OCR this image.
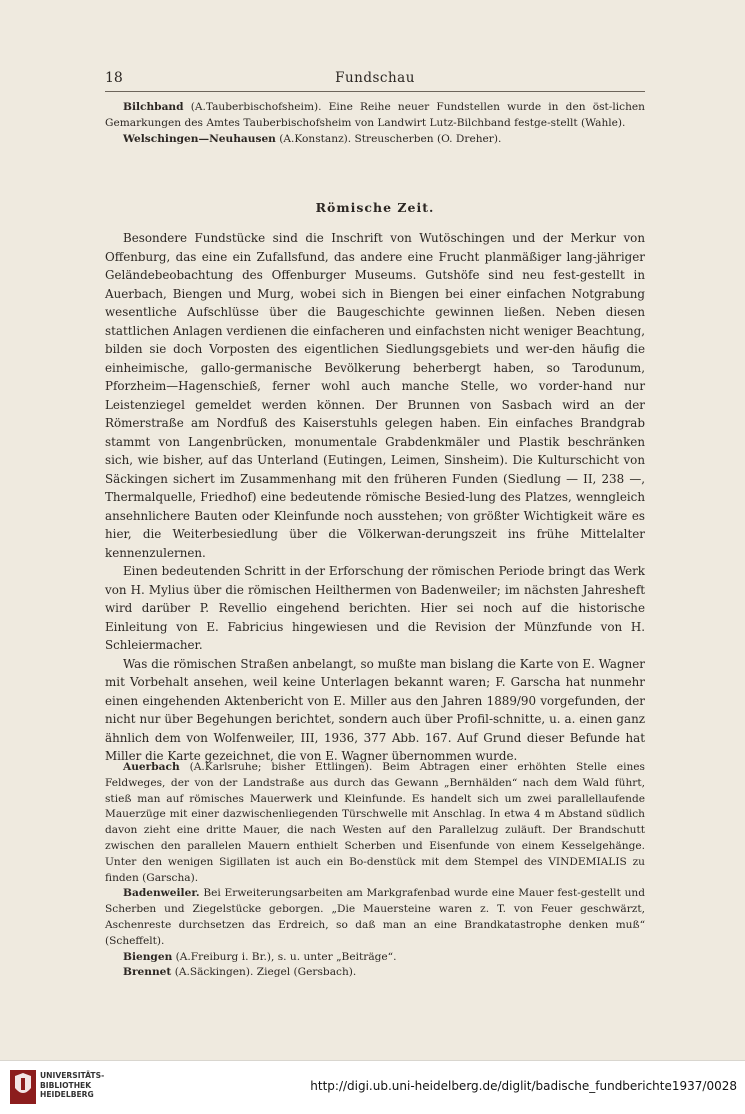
18	Fundschau

Bilchband (A.Tauberbischofsheim). Eine Reihe neuer Fundstellen wurde in den öst-lichen Gemarkungen des Amtes Tauberbischofsheim von Landwirt Lutz-Bilchband festge-stellt (Wahle).

Welschingen—Neuhausen (A.Konstanz). Streuscherben (O. Dreher).

Römische Zeit.

Besondere Fundstücke sind die Inschrift von Wutöschingen und der Merkur von Offenburg, das eine ein Zufallsfund, das andere eine Frucht planmäßiger lang-jähriger Geländebeobachtung des Offenburger Museums. Gutshöfe sind neu fest-gestellt in Auerbach, Biengen und Murg, wobei sich in Biengen bei einer einfachen Notgrabung wesentliche Aufschlüsse über die Baugeschichte gewinnen ließen. Neben diesen stattlichen Anlagen verdienen die einfacheren und einfachsten nicht weniger Beachtung, bilden sie doch Vorposten des eigentlichen Siedlungsgebiets und wer-den häufig die einheimische, gallo-germanische Bevölkerung beherbergt haben, so Tarodunum, Pforzheim—Hagenschieß, ferner wohl auch manche Stelle, wo vorder-hand nur Leistenziegel gemeldet werden können. Der Brunnen von Sasbach wird an der Römerstraße am Nordfuß des Kaiserstuhls gelegen haben. Ein einfaches Brandgrab stammt von Langenbrücken, monumentale Grabdenkmäler und Plastik beschränken sich, wie bisher, auf das Unterland (Eutingen, Leimen, Sinsheim). Die Kulturschicht von Säckingen sichert im Zusammenhang mit den früheren Funden (Siedlung — II, 238 —, Thermalquelle, Friedhof) eine bedeutende römische Besied-lung des Platzes, wenngleich ansehnlichere Bauten oder Kleinfunde noch ausstehen; von größter Wichtigkeit wäre es hier, die Weiterbesiedlung über die Völkerwan-derungszeit ins frühe Mittelalter kennenzulernen.

Einen bedeutenden Schritt in der Erforschung der römischen Periode bringt das Werk von H. Mylius über die römischen Heilthermen von Badenweiler; im nächsten Jahresheft wird darüber P. Revellio eingehend berichten. Hier sei noch auf die historische Einleitung von E. Fabricius hingewiesen und die Revision der Münzfunde von H. Schleiermacher.

Was die römischen Straßen anbelangt, so mußte man bislang die Karte von E. Wagner mit Vorbehalt ansehen, weil keine Unterlagen bekannt waren; F. Garscha hat nunmehr einen eingehenden Aktenbericht von E. Miller aus den Jahren 1889/90 vorgefunden, der nicht nur über Begehungen berichtet, sondern auch über Profil-schnitte, u. a. einen ganz ähnlich dem von Wolfenweiler, III, 1936, 377 Abb. 167. Auf Grund dieser Befunde hat Miller die Karte gezeichnet, die von E. Wagner übernommen wurde.

Auerbach (A.Karlsruhe; bisher Ettlingen). Beim Abtragen einer erhöhten Stelle eines Feldweges, der von der Landstraße aus durch das Gewann „Bernhälden“ nach dem Wald führt, stieß man auf römisches Mauerwerk und Kleinfunde. Es handelt sich um zwei parallellaufende Mauerzüge mit einer dazwischenliegenden Türschwelle mit Anschlag. In etwa 4 m Abstand südlich davon zieht eine dritte Mauer, die nach Westen auf den Parallelzug zuläuft. Der Brandschutt zwischen den parallelen Mauern enthielt Scherben und Eisenfunde von einem Kesselgehänge. Unter den wenigen Sigillaten ist auch ein Bo-denstück mit dem Stempel des VINDEMIALIS zu finden (Garscha).

Badenweiler. Bei Erweiterungsarbeiten am Markgrafenbad wurde eine Mauer fest-gestellt und Scherben und Ziegelstücke geborgen. „Die Mauersteine waren z. T. von Feuer geschwärzt, Aschenreste durchsetzen das Erdreich, so daß man an eine Brandkatastrophe denken muß“ (Scheffelt).

Biengen (A.Freiburg i. Br.), s. u. unter „Beiträge“.

Brennet (A.Säckingen). Ziegel (Gersbach).

UNIVERSITÄTS-
BIBLIOTHEK
HEIDELBERG
http://digi.ub.uni-heidelberg.de/diglit/badische_fundberichte1937/0028
